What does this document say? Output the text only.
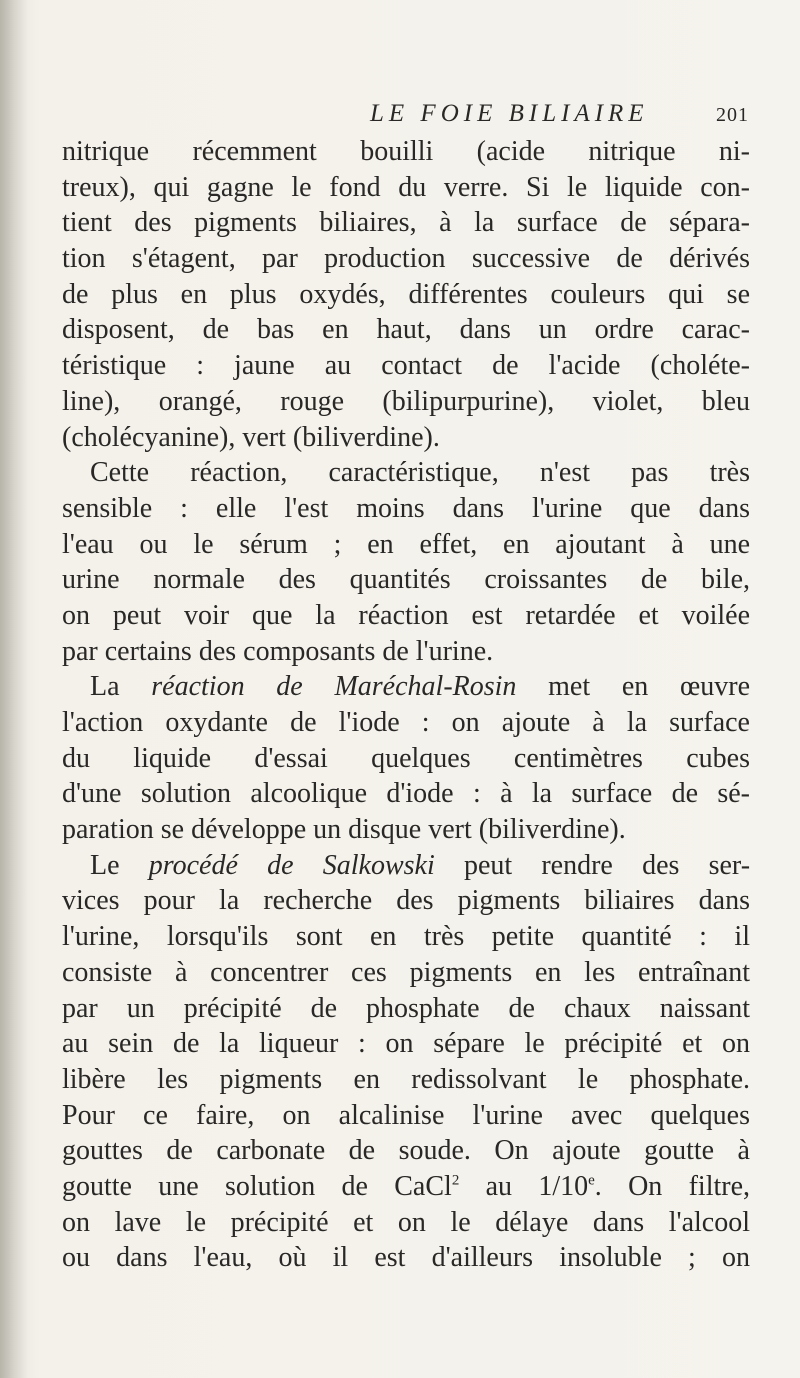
LE FOIE BILIAIRE	201
nitrique récemment bouilli (acide nitrique ni-
treux), qui gagne le fond du verre. Si le liquide con-
tient des pigments biliaires, à la surface de sépara-
tion s'étagent, par production successive de dérivés
de plus en plus oxydés, différentes couleurs qui se
disposent, de bas en haut, dans un ordre carac-
téristique : jaune au contact de l'acide (choléte-
line), orangé, rouge (bilipurpurine), violet, bleu
(cholécyanine), vert (biliverdine).
Cette réaction, caractéristique, n'est pas très
sensible : elle l'est moins dans l'urine que dans
l'eau ou le sérum ; en effet, en ajoutant à une
urine normale des quantités croissantes de bile,
on peut voir que la réaction est retardée et voilée
par certains des composants de l'urine.
La réaction de Maréchal-Rosin met en œuvre
l'action oxydante de l'iode : on ajoute à la surface
du liquide d'essai quelques centimètres cubes
d'une solution alcoolique d'iode : à la surface de sé-
paration se développe un disque vert (biliverdine).
Le procédé de Salkowski peut rendre des ser-
vices pour la recherche des pigments biliaires dans
l'urine, lorsqu'ils sont en très petite quantité : il
consiste à concentrer ces pigments en les entraînant
par un précipité de phosphate de chaux naissant
au sein de la liqueur : on sépare le précipité et on
libère les pigments en redissolvant le phosphate.
Pour ce faire, on alcalinise l'urine avec quelques
gouttes de carbonate de soude. On ajoute goutte à
goutte une solution de CaCl$^2$ au 1/10e. On filtre,
on lave le précipité et on le délaye dans l'alcool
ou dans l'eau, où il est d'ailleurs insoluble ; on
